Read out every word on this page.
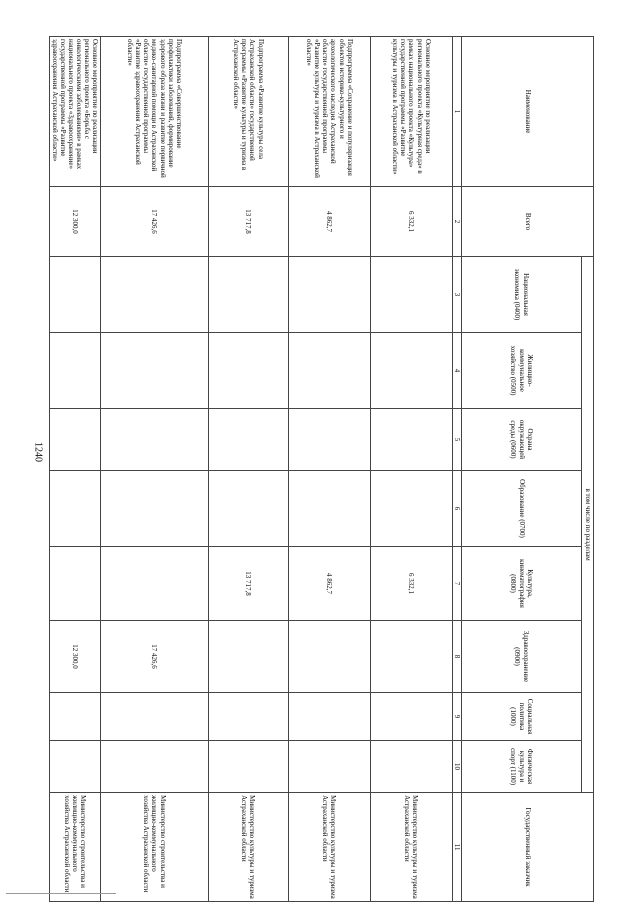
1240
Наименование	Всего	в том числе по разделам								Государственный заказчик
		Национальная экономика (0400)	Жилищно-коммунальное хозяйство (0500)	Охрана окружающей среды (0600)	Образование (0700)	Культура, кинематография (0800)	Здравоохранение (0900)	Социальная политика (1000)	Физическая культура и спорт (1100)	
1	2	3	4	5	6	7	8	9	10	11
Основное мероприятие по реализации регионального проекта «Культурная среда» в рамках национального проекта «Культура» государственной программы «Развитие культуры и туризма в Астраханской области»	6 332,1					6 332,1				Министерство культуры и туризма Астраханской области
Подпрограмма «Сохранение и популяризация объектов историко-культурного и археологического наследия Астраханской области» государственной программы «Развитие культуры и туризма в Астраханской области»	4 862,7					4 862,7				Министерство культуры и туризма Астраханской области
Подпрограмма «Развитие культуры села Астраханской области» государственной программы «Развитие культуры и туризма в Астраханской области»	13 717,8					13 717,8				Министерство культуры и туризма Астраханской области
Подпрограмма «Совершенствование профилактики заболеваний, формирование здорового образа жизни и развитие первичной медико-санитарной помощи в Астраханской области» государственной программы «Развитие здравоохранения Астраханской области»	17 426,6						17 426,6			Министерство строительства и жилищно-коммунального хозяйства Астраханской области
Основное мероприятие по реализации регионального проекта «Борьба с онкологическими заболеваниями» в рамках национального проекта «Здравоохранение» государственной программы «Развитие здравоохранения Астраханской области»	12 300,0						12 300,0			Министерство строительства и жилищно-коммунального хозяйства Астраханской области
